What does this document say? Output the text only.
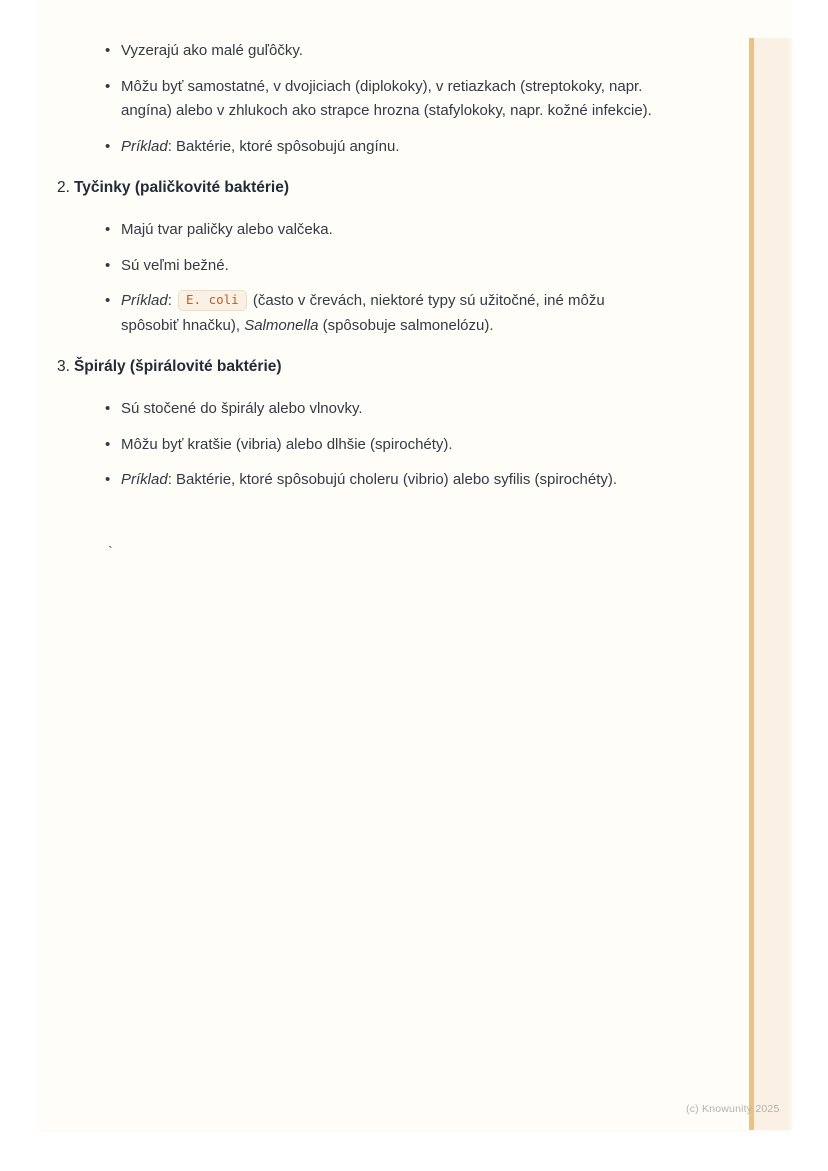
• Vyzerajú ako malé guľôčky.
• Môžu byť samostatné, v dvojiciach (diplokoky), v retiazkach (streptokoky, napr. angína) alebo v zhlukoch ako strapce hrozna (stafylokoky, napr. kožné infekcie).
• Príklad: Baktérie, ktoré spôsobujú angínu.
2. Tyčinky (paličkovité baktérie)
• Majú tvar paličky alebo valčeka.
• Sú veľmi bežné.
• Príklad: E. coli (často v črevách, niektoré typy sú užitočné, iné môžu spôsobiť hnačku), Salmonella (spôsobuje salmonelózu).
3. Špirály (špirálovité baktérie)
• Sú stočené do špirály alebo vlnovky.
• Môžu byť kratšie (vibria) alebo dlhšie (spirochéty).
• Príklad: Baktérie, ktoré spôsobujú choleru (vibrio) alebo syfilis (spirochéty).
`
(c) Knowunity 2025
